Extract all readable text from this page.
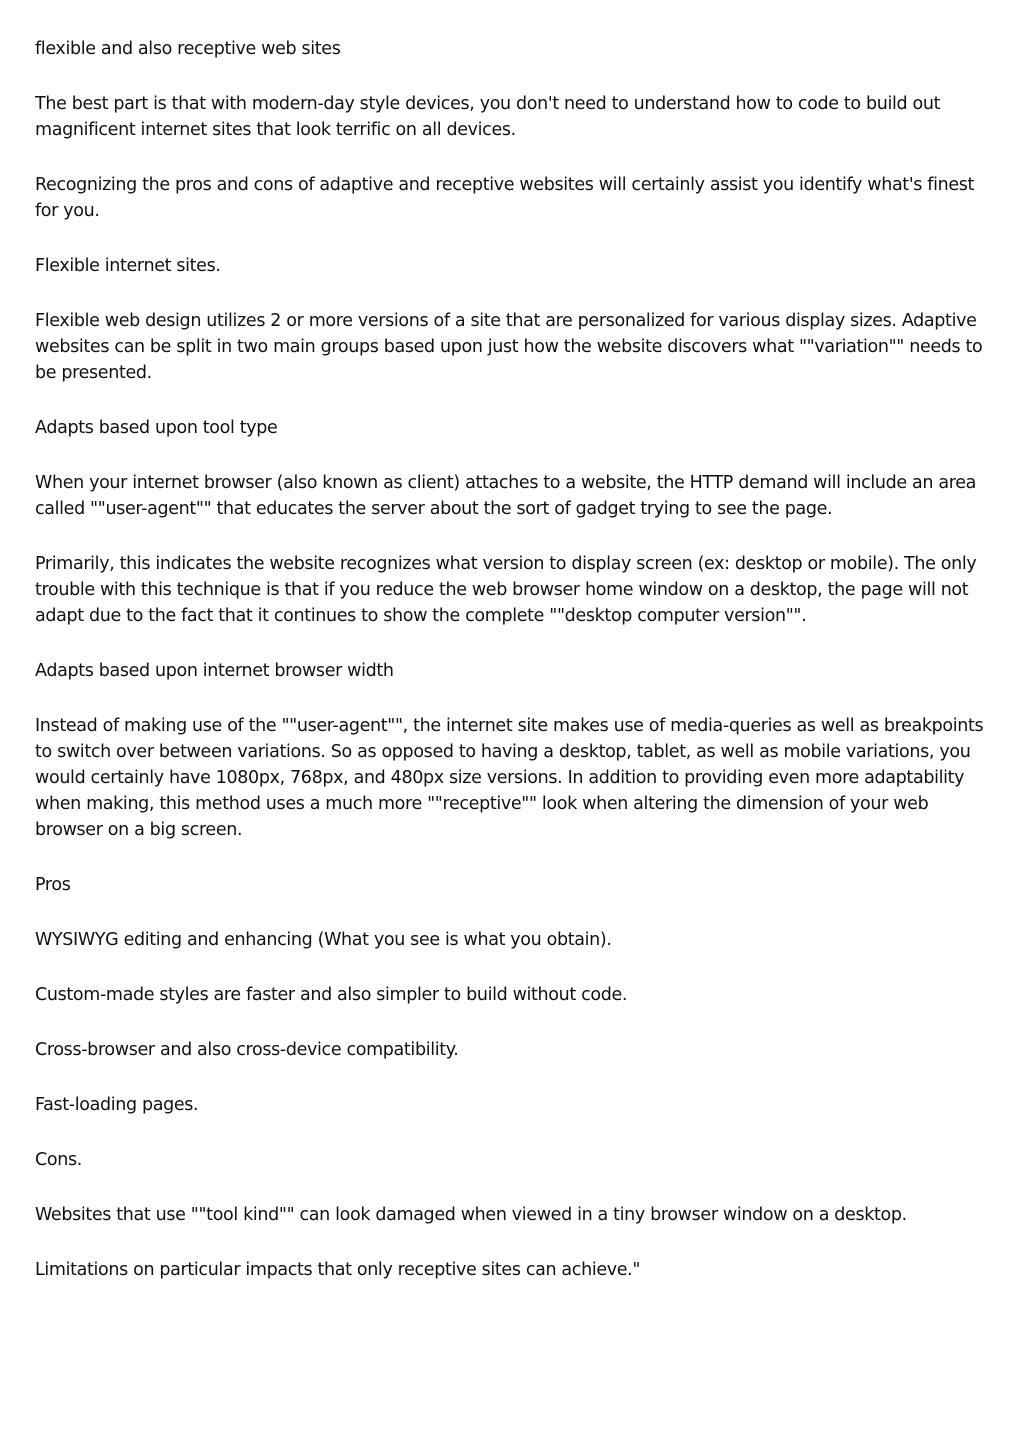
flexible and also receptive web sites

The best part is that with modern-day style devices, you don't need to understand how to code to build out magnificent internet sites that look terrific on all devices.

Recognizing the pros and cons of adaptive and receptive websites will certainly assist you identify what's finest for you.

Flexible internet sites.

Flexible web design utilizes 2 or more versions of a site that are personalized for various display sizes. Adaptive websites can be split in two main groups based upon just how the website discovers what ""variation"" needs to be presented.

Adapts based upon tool type

When your internet browser (also known as client) attaches to a website, the HTTP demand will include an area called ""user-agent"" that educates the server about the sort of gadget trying to see the page.

Primarily, this indicates the website recognizes what version to display screen (ex: desktop or mobile). The only trouble with this technique is that if you reduce the web browser home window on a desktop, the page will not adapt due to the fact that it continues to show the complete ""desktop computer version"".

Adapts based upon internet browser width

Instead of making use of the ""user-agent"", the internet site makes use of media-queries as well as breakpoints to switch over between variations. So as opposed to having a desktop, tablet, as well as mobile variations, you would certainly have 1080px, 768px, and 480px size versions. In addition to providing even more adaptability when making, this method uses a much more ""receptive"" look when altering the dimension of your web browser on a big screen.

Pros

WYSIWYG editing and enhancing (What you see is what you obtain).

Custom-made styles are faster and also simpler to build without code.

Cross-browser and also cross-device compatibility.

Fast-loading pages.

Cons.

Websites that use ""tool kind"" can look damaged when viewed in a tiny browser window on a desktop.

Limitations on particular impacts that only receptive sites can achieve."
